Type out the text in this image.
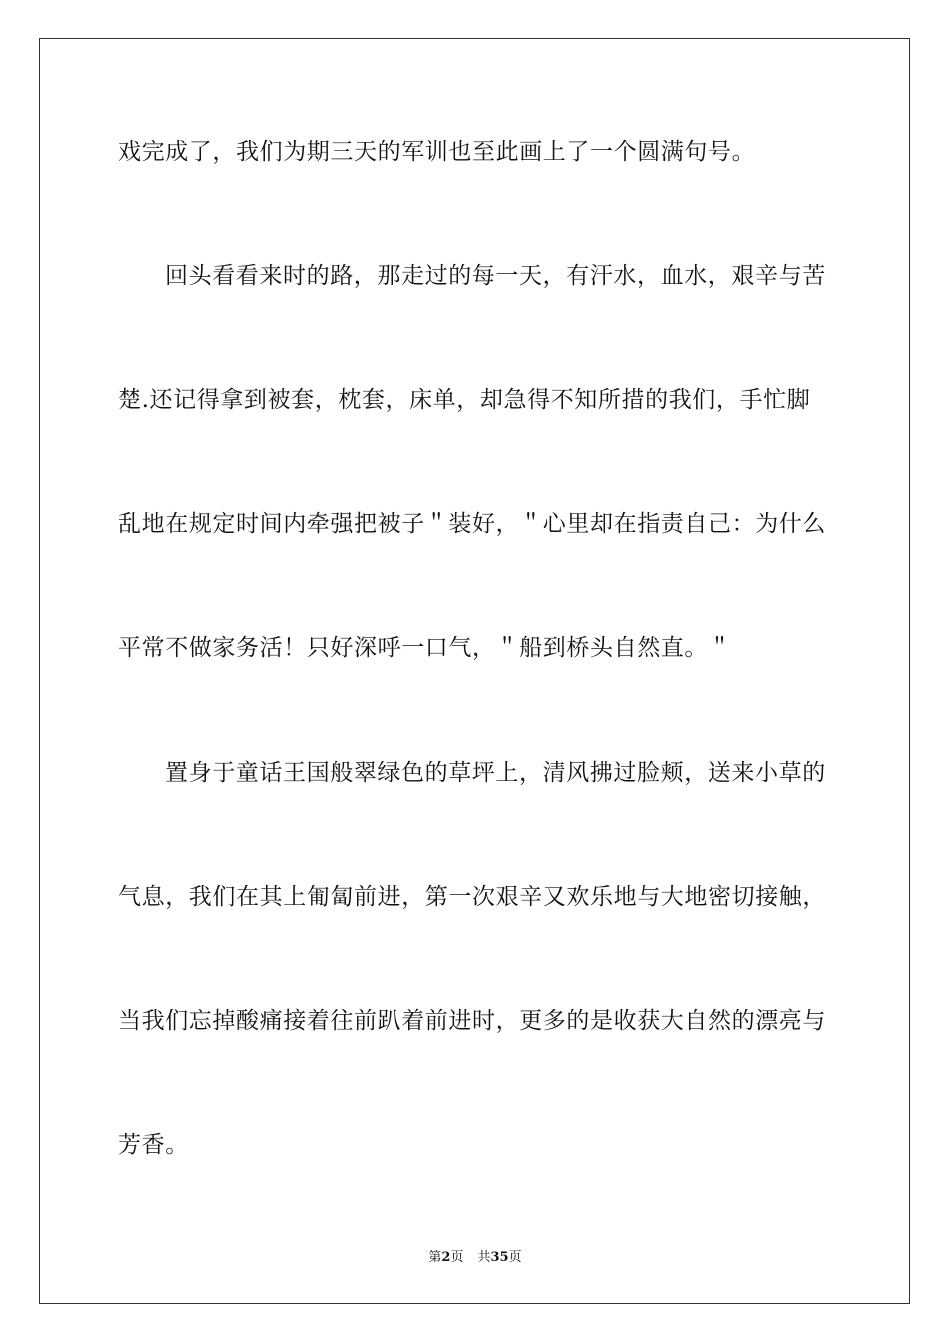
戏完成了，我们为期三天的军训也至此画上了一个圆满句号。
回头看看来时的路，那走过的每一天，有汗水，血水，艰辛与苦
楚.还记得拿到被套，枕套，床单，却急得不知所措的我们，手忙脚
乱地在规定时间内牵强把被子＂装好，＂心里却在指责自己：为什么
平常不做家务活！只好深呼一口气，＂船到桥头自然直。＂
置身于童话王国般翠绿色的草坪上，清风拂过脸颊，送来小草的
气息，我们在其上匍匐前进，第一次艰辛又欢乐地与大地密切接触，
当我们忘掉酸痛接着往前趴着前进时，更多的是收获大自然的漂亮与
芳香。
第2页 共35页
